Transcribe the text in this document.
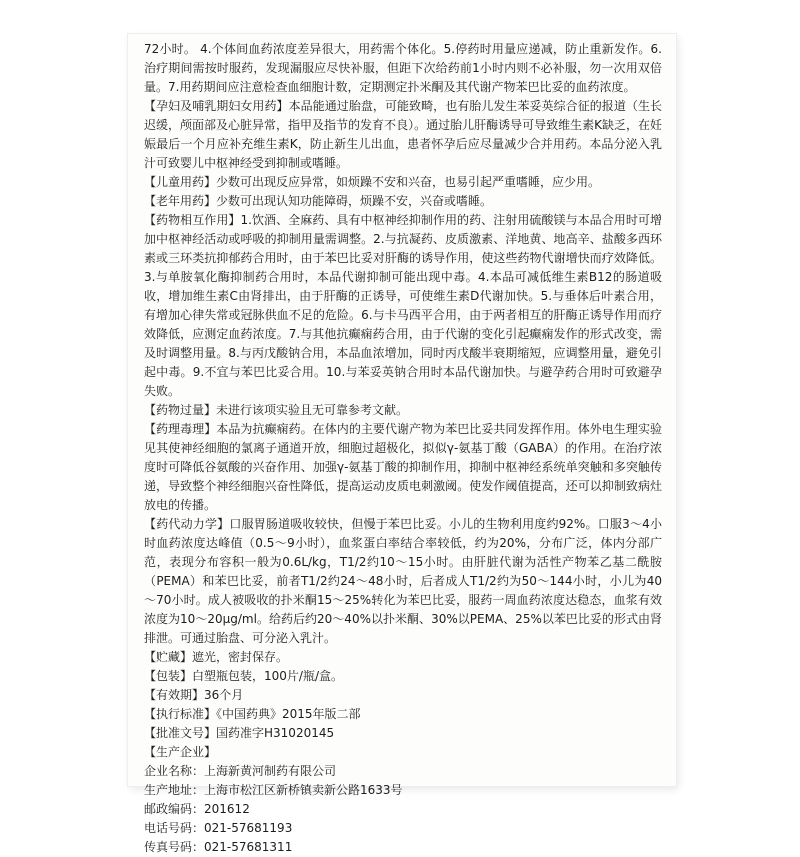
72小时。 4.个体间血药浓度差异很大，用药需个体化。5.停药时用量应递减，防止重新发作。6.治疗期间需按时服药，发现漏服应尽快补服，但距下次给药前1小时内则不必补服，勿一次用双倍量。7.用药期间应注意检查血细胞计数，定期测定扑米酮及其代谢产物苯巴比妥的血药浓度。

【孕妇及哺乳期妇女用药】本品能通过胎盘，可能致畸，也有胎儿发生苯妥英综合征的报道（生长迟缓，颅面部及心脏异常，指甲及指节的发育不良）。通过胎儿肝酶诱导可导致维生素K缺乏，在妊娠最后一个月应补充维生素K，防止新生儿出血，患者怀孕后应尽量减少合并用药。本品分泌入乳汁可致婴儿中枢神经受到抑制或嗜睡。

【儿童用药】少数可出现反应异常，如烦躁不安和兴奋，也易引起严重嗜睡，应少用。

【老年用药】少数可出现认知功能障碍，烦躁不安，兴奋或嗜睡。

【药物相互作用】1.饮酒、全麻药、具有中枢神经抑制作用的药、注射用硫酸镁与本品合用时可增加中枢神经活动或呼吸的抑制用量需调整。2.与抗凝药、皮质激素、洋地黄、地高辛、盐酸多西环素或三环类抗抑郁药合用时，由于苯巴比妥对肝酶的诱导作用，使这些药物代谢增快而疗效降低。3.与单胺氧化酶抑制药合用时，本品代谢抑制可能出现中毒。4.本品可减低维生素B12的肠道吸收，增加维生素C由肾排出，由于肝酶的正诱导，可使维生素D代谢加快。5.与垂体后叶素合用，有增加心律失常或冠脉供血不足的危险。6.与卡马西平合用，由于两者相互的肝酶正诱导作用而疗效降低，应测定血药浓度。7.与其他抗癫痫药合用，由于代谢的变化引起癫痫发作的形式改变，需及时调整用量。8.与丙戊酸钠合用，本品血浓增加，同时丙戊酸半衰期缩短，应调整用量，避免引起中毒。9.不宜与苯巴比妥合用。10.与苯妥英钠合用时本品代谢加快。与避孕药合用时可致避孕失败。

【药物过量】未进行该项实验且无可靠参考文献。

【药理毒理】本品为抗癫痫药。在体内的主要代谢产物为苯巴比妥共同发挥作用。体外电生理实验见其使神经细胞的氯离子通道开放，细胞过超极化，拟似γ-氨基丁酸（GABA）的作用。在治疗浓度时可降低谷氨酸的兴奋作用、加强γ-氨基丁酸的抑制作用，抑制中枢神经系统单突触和多突触传递，导致整个神经细胞兴奋性降低，提高运动皮质电刺激阈。使发作阈值提高，还可以抑制致病灶放电的传播。

【药代动力学】口服胃肠道吸收较快，但慢于苯巴比妥。小儿的生物利用度约92%。口服3～4小时血药浓度达峰值（0.5～9小时），血浆蛋白率结合率较低，约为20%，分布广泛，体内分部广范，表现分布容积一般为0.6L/kg，T1/2约10～15小时。由肝脏代谢为活性产物苯乙基二酰胺（PEMA）和苯巴比妥，前者T1/2约24～48小时，后者成人T1/2约为50～144小时，小儿为40～70小时。成人被吸收的扑米酮15～25%转化为苯巴比妥，服药一周血药浓度达稳态，血浆有效浓度为10～20μg/ml。给药后约20～40%以扑米酮、30%以PEMA、25%以苯巴比妥的形式由肾排泄。可通过胎盘、可分泌入乳汁。

【贮藏】遮光，密封保存。

【包装】白塑瓶包装，100片/瓶/盒。

【有效期】36个月

【执行标准】《中国药典》2015年版二部

【批准文号】国药准字H31020145

【生产企业】

企业名称：上海新黄河制药有限公司

生产地址：上海市松江区新桥镇卖新公路1633号

邮政编码：201612

电话号码：021-57681193

传真号码：021-57681311
